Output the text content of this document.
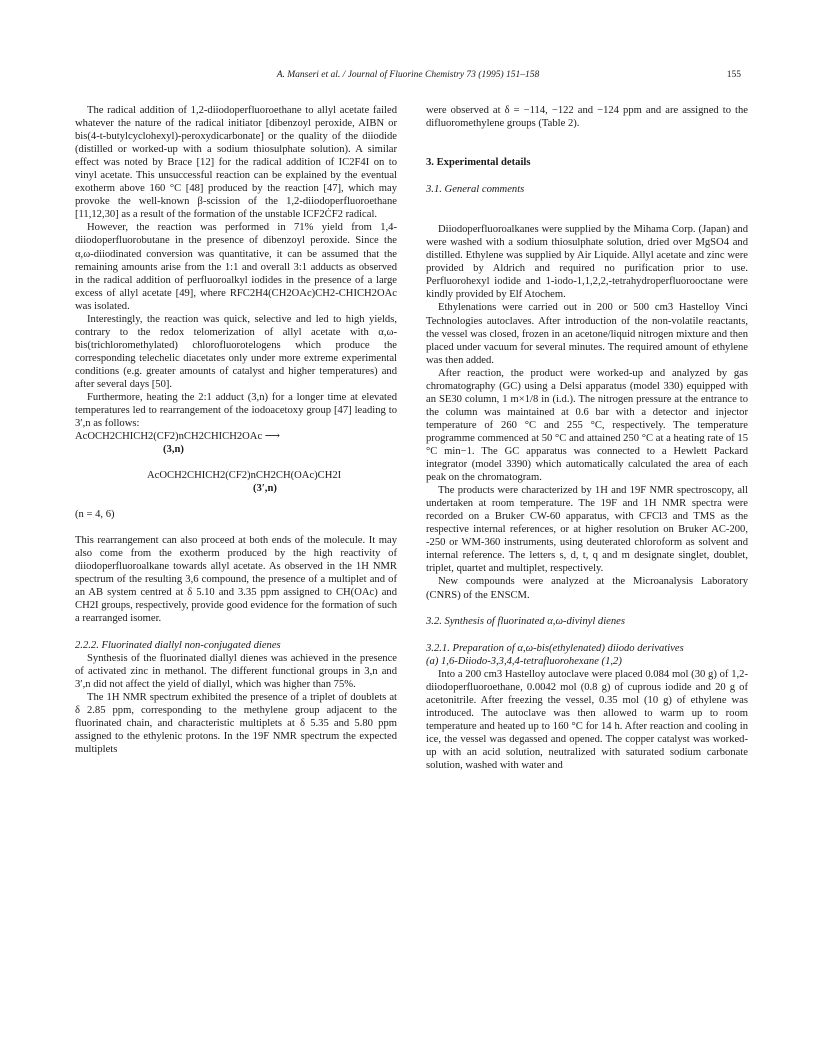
A. Manseri et al. / Journal of Fluorine Chemistry 73 (1995) 151–158	155

The radical addition of 1,2-diiodoperfluoroethane to allyl acetate failed whatever the nature of the radical initiator [dibenzoyl peroxide, AIBN or bis(4-t-butylcyclohexyl)-peroxydicarbonate] or the quality of the diiodide (distilled or worked-up with a sodium thiosulphate solution). A similar effect was noted by Brace [12] for the radical addition of IC2F4I on to vinyl acetate. This unsuccessful reaction can be explained by the eventual exotherm above 160 °C [48] produced by the reaction [47], which may provoke the well-known β-scission of the 1,2-diiodoperfluoroethane [11,12,30] as a result of the formation of the unstable ICF2ĊF2 radical.

However, the reaction was performed in 71% yield from 1,4-diiodoperfluorobutane in the presence of dibenzoyl peroxide. Since the α,ω-diiodinated conversion was quantitative, it can be assumed that the remaining amounts arise from the 1:1 and overall 3:1 adducts as observed in the radical addition of perfluoroalkyl iodides in the presence of a large excess of allyl acetate [49], where RFC2H4(CH2OAc)CH2-CHICH2OAc was isolated.

Interestingly, the reaction was quick, selective and led to high yields, contrary to the redox telomerization of allyl acetate with α,ω-bis(trichloromethylated) chlorofluorotelogens which produce the corresponding telechelic diacetates only under more extreme experimental conditions (e.g. greater amounts of catalyst and higher temperatures) and after several days [50].

Furthermore, heating the 2:1 adduct (3,n) for a longer time at elevated temperatures led to rearrangement of the iodoacetoxy group [47] leading to 3′,n as follows:

AcOCH2CHICH2(CF2)nCH2CHICH2OAc ⟶
(3,n)
AcOCH2CHICH2(CF2)nCH2CH(OAc)CH2I
(3′,n)
(n = 4, 6)

This rearrangement can also proceed at both ends of the molecule. It may also come from the exotherm produced by the high reactivity of diiodoperfluoroalkane towards allyl acetate. As observed in the 1H NMR spectrum of the resulting 3,6 compound, the presence of a multiplet and of an AB system centred at δ 5.10 and 3.35 ppm assigned to CH(OAc) and CH2I groups, respectively, provide good evidence for the formation of such a rearranged isomer.

2.2.2. Fluorinated diallyl non-conjugated dienes

Synthesis of the fluorinated diallyl dienes was achieved in the presence of activated zinc in methanol. The different functional groups in 3,n and 3′,n did not affect the yield of diallyl, which was higher than 75%.

The 1H NMR spectrum exhibited the presence of a triplet of doublets at δ 2.85 ppm, corresponding to the methylene group adjacent to the fluorinated chain, and characteristic multiplets at δ 5.35 and 5.80 ppm assigned to the ethylenic protons. In the 19F NMR spectrum the expected multiplets

were observed at δ = −114, −122 and −124 ppm and are assigned to the difluoromethylene groups (Table 2).

3. Experimental details
3.1. General comments

Diiodoperfluoroalkanes were supplied by the Mihama Corp. (Japan) and were washed with a sodium thiosulphate solution, dried over MgSO4 and distilled. Ethylene was supplied by Air Liquide. Allyl acetate and zinc were provided by Aldrich and required no purification prior to use. Perfluorohexyl iodide and 1-iodo-1,1,2,2,-tetrahydroperfluorooctane were kindly provided by Elf Atochem.

Ethylenations were carried out in 200 or 500 cm3 Hastelloy Vinci Technologies autoclaves. After introduction of the non-volatile reactants, the vessel was closed, frozen in an acetone/liquid nitrogen mixture and then placed under vacuum for several minutes. The required amount of ethylene was then added.

After reaction, the product were worked-up and analyzed by gas chromatography (GC) using a Delsi apparatus (model 330) equipped with an SE30 column, 1 m×1/8 in (i.d.). The nitrogen pressure at the entrance to the column was maintained at 0.6 bar with a detector and injector temperature of 260 °C and 255 °C, respectively. The temperature programme commenced at 50 °C and attained 250 °C at a heating rate of 15 °C min−1. The GC apparatus was connected to a Hewlett Packard integrator (model 3390) which automatically calculated the area of each peak on the chromatogram.

The products were characterized by 1H and 19F NMR spectroscopy, all undertaken at room temperature. The 19F and 1H NMR spectra were recorded on a Bruker CW-60 apparatus, with CFCl3 and TMS as the respective internal references, or at higher resolution on Bruker AC-200, -250 or WM-360 instruments, using deuterated chloroform as solvent and internal reference. The letters s, d, t, q and m designate singlet, doublet, triplet, quartet and multiplet, respectively.

New compounds were analyzed at the Microanalysis Laboratory (CNRS) of the ENSCM.

3.2. Synthesis of fluorinated α,ω-divinyl dienes
3.2.1. Preparation of α,ω-bis(ethylenated) diiodo derivatives
(a) 1,6-Diiodo-3,3,4,4-tetrafluorohexane (1,2)

Into a 200 cm3 Hastelloy autoclave were placed 0.084 mol (30 g) of 1,2-diiodoperfluoroethane, 0.0042 mol (0.8 g) of cuprous iodide and 20 g of acetonitrile. After freezing the vessel, 0.35 mol (10 g) of ethylene was introduced. The autoclave was then allowed to warm up to room temperature and heated up to 160 °C for 14 h. After reaction and cooling in ice, the vessel was degassed and opened. The copper catalyst was worked-up with an acid solution, neutralized with saturated sodium carbonate solution, washed with water and
